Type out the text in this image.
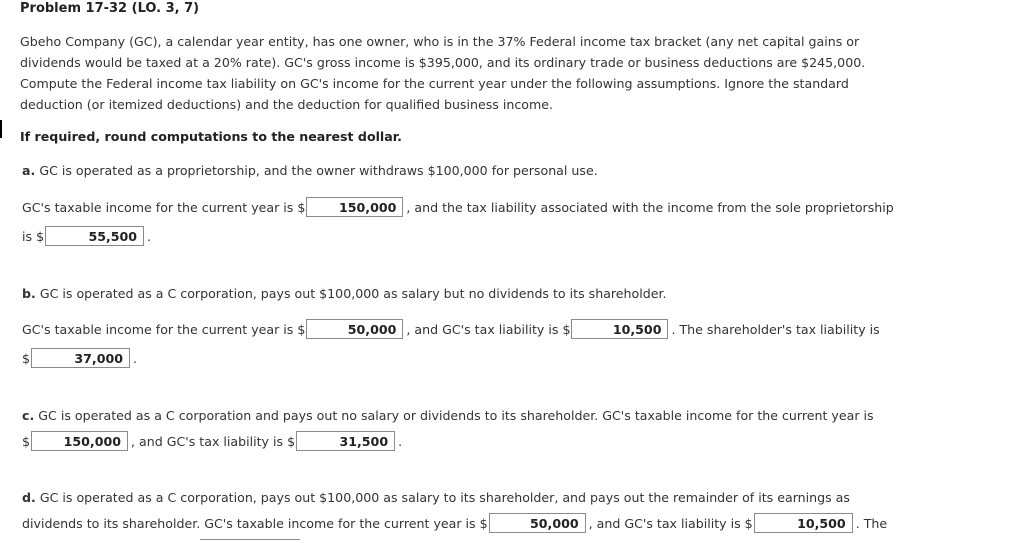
Problem 17-32 (LO. 3, 7)
Gbeho Company (GC), a calendar year entity, has one owner, who is in the 37% Federal income tax bracket (any net capital gains or
dividends would be taxed at a 20% rate). GC's gross income is $395,000, and its ordinary trade or business deductions are $245,000.
Compute the Federal income tax liability on GC's income for the current year under the following assumptions. Ignore the standard
deduction (or itemized deductions) and the deduction for qualified business income.
If required, round computations to the nearest dollar.
a.
GC is operated as a proprietorship, and the owner withdraws $100,000 for personal use.
GC's taxable income for the current year is $	150,000 , and the tax liability associated with the income from the sole proprietorship
is $	55,500 .
b.
GC is operated as a C corporation, pays out $100,000 as salary but no dividends to its shareholder.
GC's taxable income for the current year is $	50,000 , and GC's tax liability is $	10,500 . The shareholder's tax liability is
$	37,000 .
c.
GC is operated as a C corporation and pays out no salary or dividends to its shareholder. GC's taxable income for the current year is
$	150,000 , and GC's tax liability is $	31,500 .
d.
GC is operated as a C corporation, pays out $100,000 as salary to its shareholder, and pays out the remainder of its earnings as
dividends to its shareholder. GC's taxable income for the current year is $	50,000 , and GC's tax liability is $	10,500 . The
